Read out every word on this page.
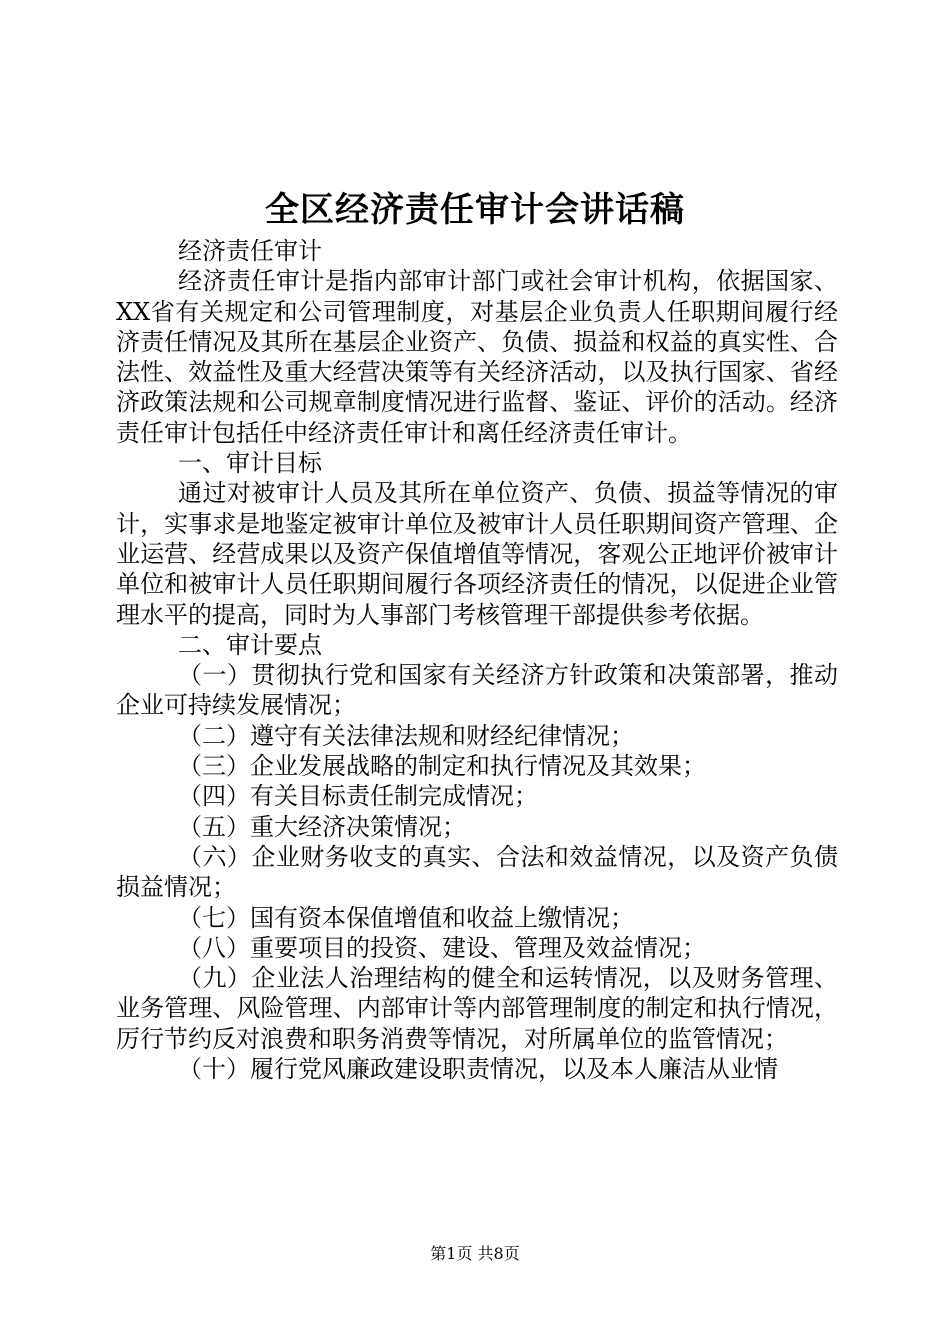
全区经济责任审计会讲话稿

经济责任审计

经济责任审计是指内部审计部门或社会审计机构，依据国家、XX省有关规定和公司管理制度，对基层企业负责人任职期间履行经济责任情况及其所在基层企业资产、负债、损益和权益的真实性、合法性、效益性及重大经营决策等有关经济活动，以及执行国家、省经济政策法规和公司规章制度情况进行监督、鉴证、评价的活动。经济责任审计包括任中经济责任审计和离任经济责任审计。

一、审计目标

通过对被审计人员及其所在单位资产、负债、损益等情况的审计，实事求是地鉴定被审计单位及被审计人员任职期间资产管理、企业运营、经营成果以及资产保值增值等情况，客观公正地评价被审计单位和被审计人员任职期间履行各项经济责任的情况，以促进企业管理水平的提高，同时为人事部门考核管理干部提供参考依据。

二、审计要点

（一）贯彻执行党和国家有关经济方针政策和决策部署，推动企业可持续发展情况；

（二）遵守有关法律法规和财经纪律情况；

（三）企业发展战略的制定和执行情况及其效果；

（四）有关目标责任制完成情况；

（五）重大经济决策情况；

（六）企业财务收支的真实、合法和效益情况，以及资产负债损益情况；

（七）国有资本保值增值和收益上缴情况；

（八）重要项目的投资、建设、管理及效益情况；

（九）企业法人治理结构的健全和运转情况，以及财务管理、业务管理、风险管理、内部审计等内部管理制度的制定和执行情况，厉行节约反对浪费和职务消费等情况，对所属单位的监管情况；

（十）履行党风廉政建设职责情况，以及本人廉洁从业情

第1页 共8页
